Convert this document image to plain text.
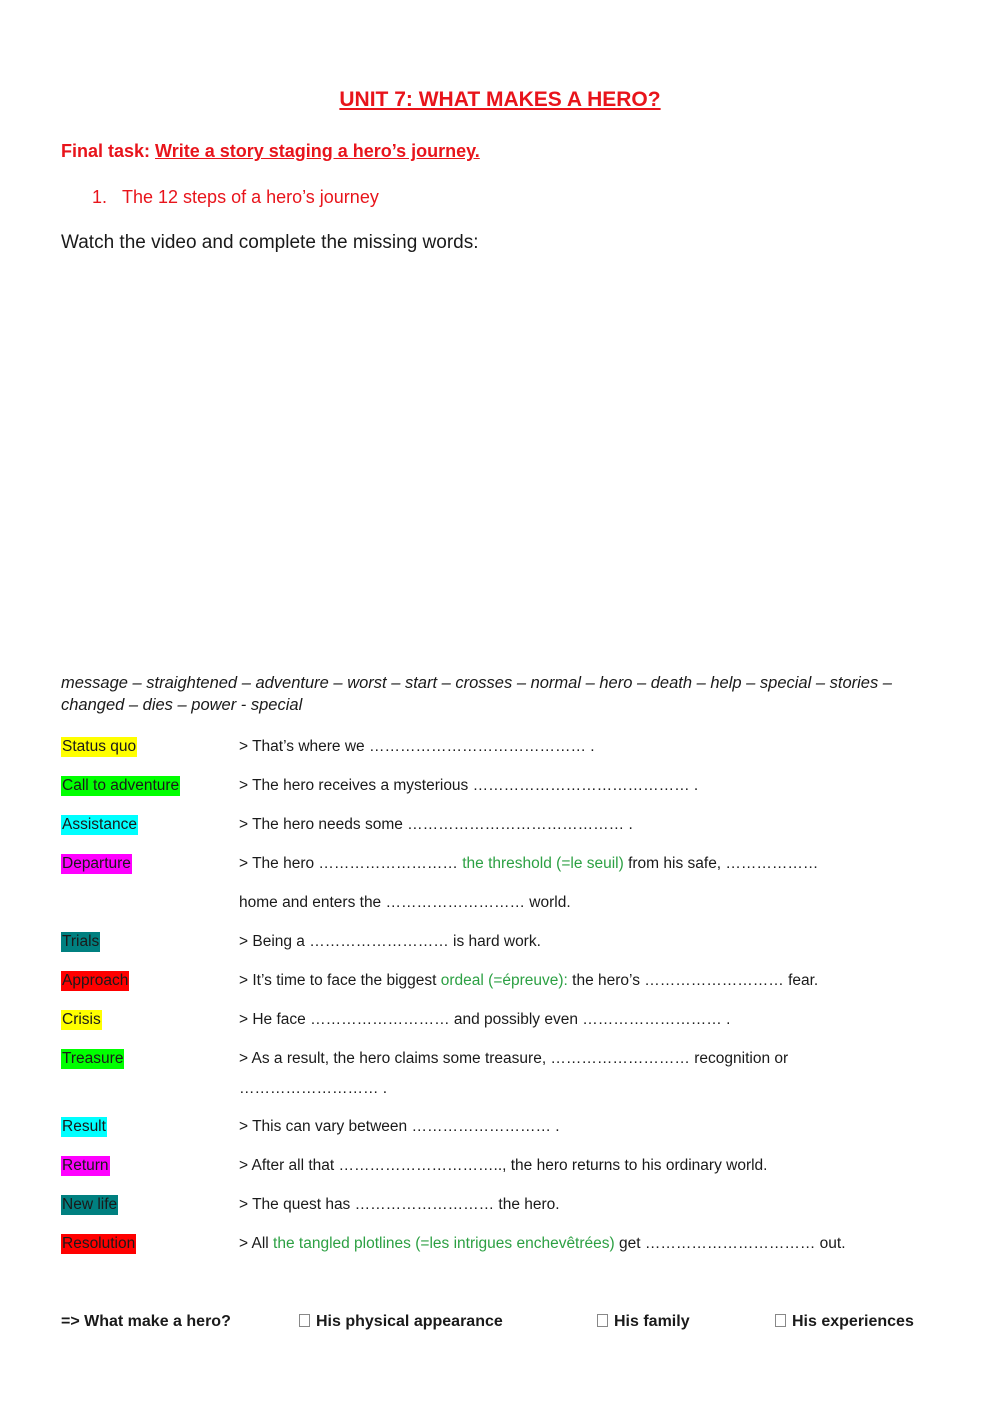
UNIT 7: WHAT MAKES A HERO?
Final task: Write a story staging a hero’s journey.
1. The 12 steps of a hero’s journey
Watch the video and complete the missing words:
message – straightened – adventure – worst – start – crosses – normal – hero – death – help – special – stories – changed – dies – power - special
Status quo	> That’s where we …………………………………… .
Call to adventure	> The hero receives a mysterious …………………………………… .
Assistance	> The hero needs some …………………………………… .
Departure	> The hero ……………………… the threshold (=le seuil) from his safe, ………………
home and enters the ……………………… world.
Trials	> Being a ……………………… is hard work.
Approach	> It’s time to face the biggest ordeal (=épreuve): the hero’s ……………………… fear.
Crisis	> He face ……………………… and possibly even ……………………… .
Treasure	> As a result, the hero claims some treasure, ……………………… recognition or
……………………… .
Result	> This can vary between ……………………… .
Return	> After all that ………………………….., the hero returns to his ordinary world.
New life	> The quest has ……………………… the hero.
Resolution	> All the tangled plotlines (=les intrigues enchevêtrées) get …………………………… out.
=> What make a hero?	His physical appearance	His family	His experiences
